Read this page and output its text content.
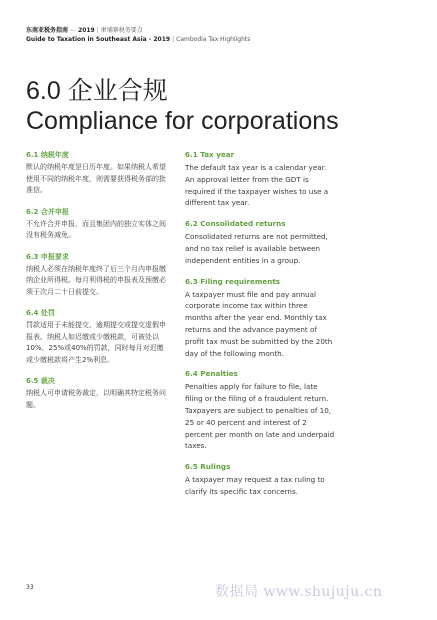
东南亚税务指南 — 2019 | 柬埔寨税务要点
Guide to Taxation in Southeast Asia - 2019 | Cambodia Tax Highlights
6.0 企业合规
Compliance for corporations
6.1 纳税年度

默认的纳税年度是日历年度。如果纳税人希望使用不同的纳税年度，则需要获得税务部的批准信。

6.2 合并申报

不允许合并申报，而且集团内的独立实体之间没有税务减免。

6.3 申报要求

纳税人必须在纳税年度终了后三个月内申报缴纳企业所得税。每月利得税的申报表及预缴必须于次月二十日前提交。

6.4 处罚

罚款适用于未能提交、逾期提交或提交虚假申报表。纳税人如迟缴或少缴税款，可被处以10%、25%或40%的罚款，同时每月对迟缴或少缴税款将产生2%利息。

6.5 裁决

纳税人可申请税务裁定，以明确其特定税务问题。

6.1 Tax year

The default tax year is a calendar year. An approval letter from the GDT is required if the taxpayer wishes to use a different tax year.

6.2 Consolidated returns

Consolidated returns are not permitted, and no tax relief is available between independent entities in a group.

6.3 Filing requirements

A taxpayer must file and pay annual corporate income tax within three months after the year end. Monthly tax returns and the advance payment of profit tax must be submitted by the 20th day of the following month.

6.4 Penalties

Penalties apply for failure to file, late filing or the filing of a fraudulent return. Taxpayers are subject to penalties of 10, 25 or 40 percent and interest of 2 percent per month on late and underpaid taxes.

6.5 Rulings

A taxpayer may request a tax ruling to clarify its specific tax concerns.

33	数据局 www.shujuju.cn
